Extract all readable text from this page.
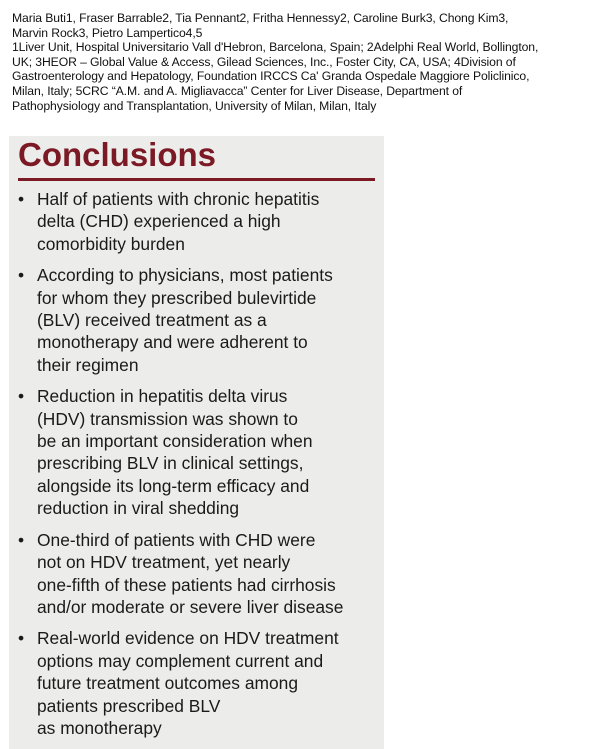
Maria Buti1, Fraser Barrable2, Tia Pennant2, Fritha Hennessy2, Caroline Burk3, Chong Kim3,
Marvin Rock3, Pietro Lampertico4,5
1Liver Unit, Hospital Universitario Vall d'Hebron, Barcelona, Spain; 2Adelphi Real World, Bollington,
UK; 3HEOR – Global Value & Access, Gilead Sciences, Inc., Foster City, CA, USA; 4Division of
Gastroenterology and Hepatology, Foundation IRCCS Ca' Granda Ospedale Maggiore Policlinico,
Milan, Italy; 5CRC “A.M. and A. Migliavacca” Center for Liver Disease, Department of
Pathophysiology and Transplantation, University of Milan, Milan, Italy
Conclusions
• Half of patients with chronic hepatitis
delta (CHD) experienced a high
comorbidity burden
• According to physicians, most patients
for whom they prescribed bulevirtide
(BLV) received treatment as a
monotherapy and were adherent to
their regimen
• Reduction in hepatitis delta virus
(HDV) transmission was shown to
be an important consideration when
prescribing BLV in clinical settings,
alongside its long-term efficacy and
reduction in viral shedding
• One-third of patients with CHD were
not on HDV treatment, yet nearly
one-fifth of these patients had cirrhosis
and/or moderate or severe liver disease
• Real-world evidence on HDV treatment
options may complement current and
future treatment outcomes among
patients prescribed BLV
as monotherapy
